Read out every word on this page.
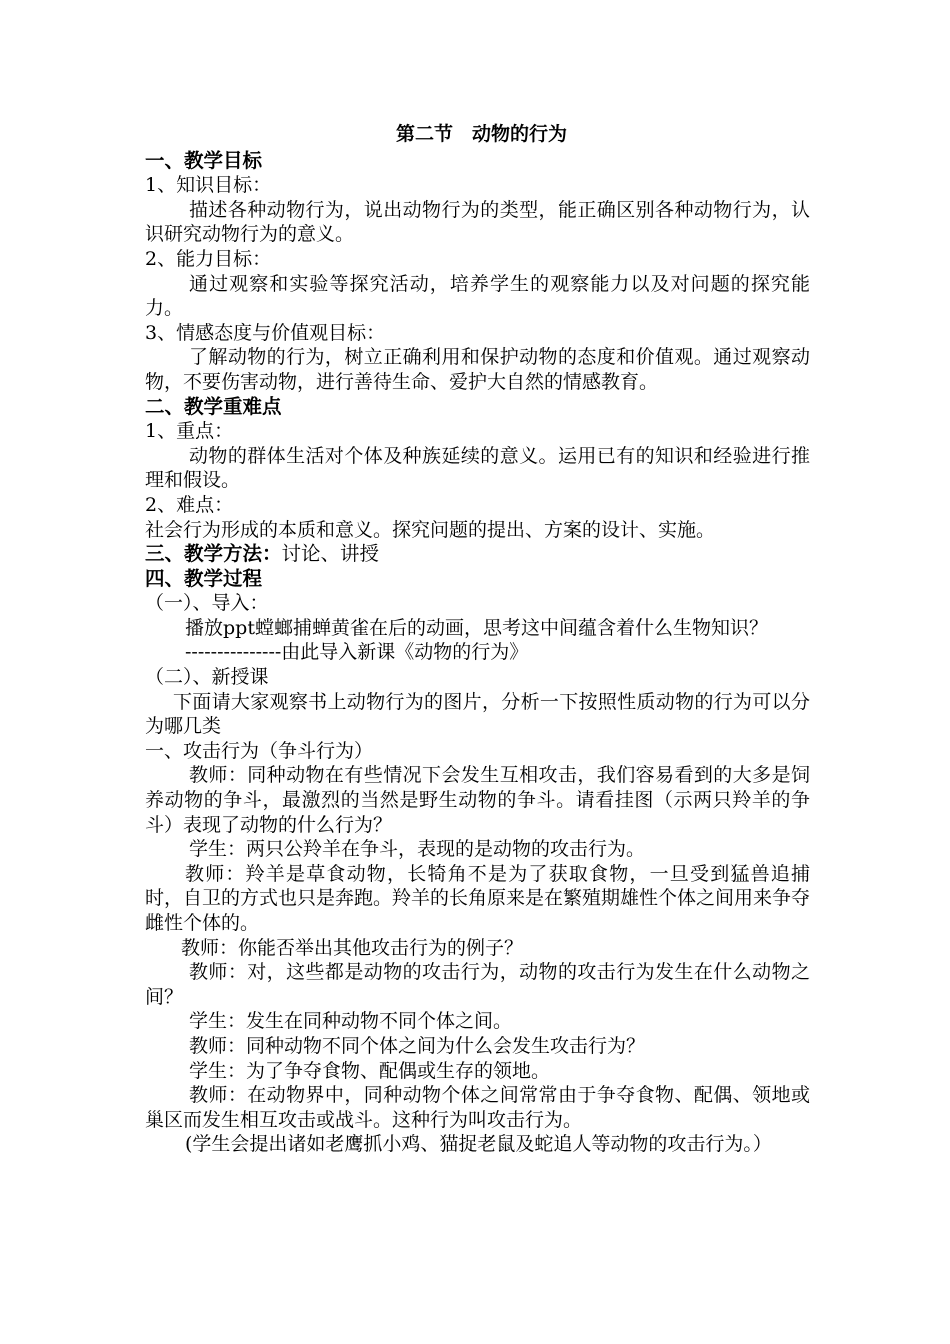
第二节　动物的行为
一、教学目标

1、知识目标：

描述各种动物行为，说出动物行为的类型，能正确区别各种动物行为，认识研究动物行为的意义。

2、能力目标：

通过观察和实验等探究活动，培养学生的观察能力以及对问题的探究能力。

3、情感态度与价值观目标：

了解动物的行为，树立正确利用和保护动物的态度和价值观。通过观察动物，不要伤害动物，进行善待生命、爱护大自然的情感教育。

二、教学重难点

1、重点：

动物的群体生活对个体及种族延续的意义。运用已有的知识和经验进行推理和假设。

2、难点：

社会行为形成的本质和意义。探究问题的提出、方案的设计、实施。

三、教学方法：讨论、讲授
四、教学过程

（一）、导入：

播放ppt螳螂捕蝉黄雀在后的动画，思考这中间蕴含着什么生物知识？

---------------由此导入新课《动物的行为》

（二）、新授课

下面请大家观察书上动物行为的图片，分析一下按照性质动物的行为可以分为哪几类

一、攻击行为（争斗行为）

教师：同种动物在有些情况下会发生互相攻击，我们容易看到的大多是饲养动物的争斗，最激烈的当然是野生动物的争斗。请看挂图（示两只羚羊的争斗）表现了动物的什么行为？

学生：两只公羚羊在争斗，表现的是动物的攻击行为。

教师：羚羊是草食动物，长犄角不是为了获取食物，一旦受到猛兽追捕时，自卫的方式也只是奔跑。羚羊的长角原来是在繁殖期雄性个体之间用来争夺雌性个体的。

教师：你能否举出其他攻击行为的例子？

教师：对，这些都是动物的攻击行为，动物的攻击行为发生在什么动物之间？

学生：发生在同种动物不同个体之间。

教师：同种动物不同个体之间为什么会发生攻击行为？

学生：为了争夺食物、配偶或生存的领地。

教师：在动物界中，同种动物个体之间常常由于争夺食物、配偶、领地或巢区而发生相互攻击或战斗。这种行为叫攻击行为。

(学生会提出诸如老鹰抓小鸡、猫捉老鼠及蛇追人等动物的攻击行为。）
